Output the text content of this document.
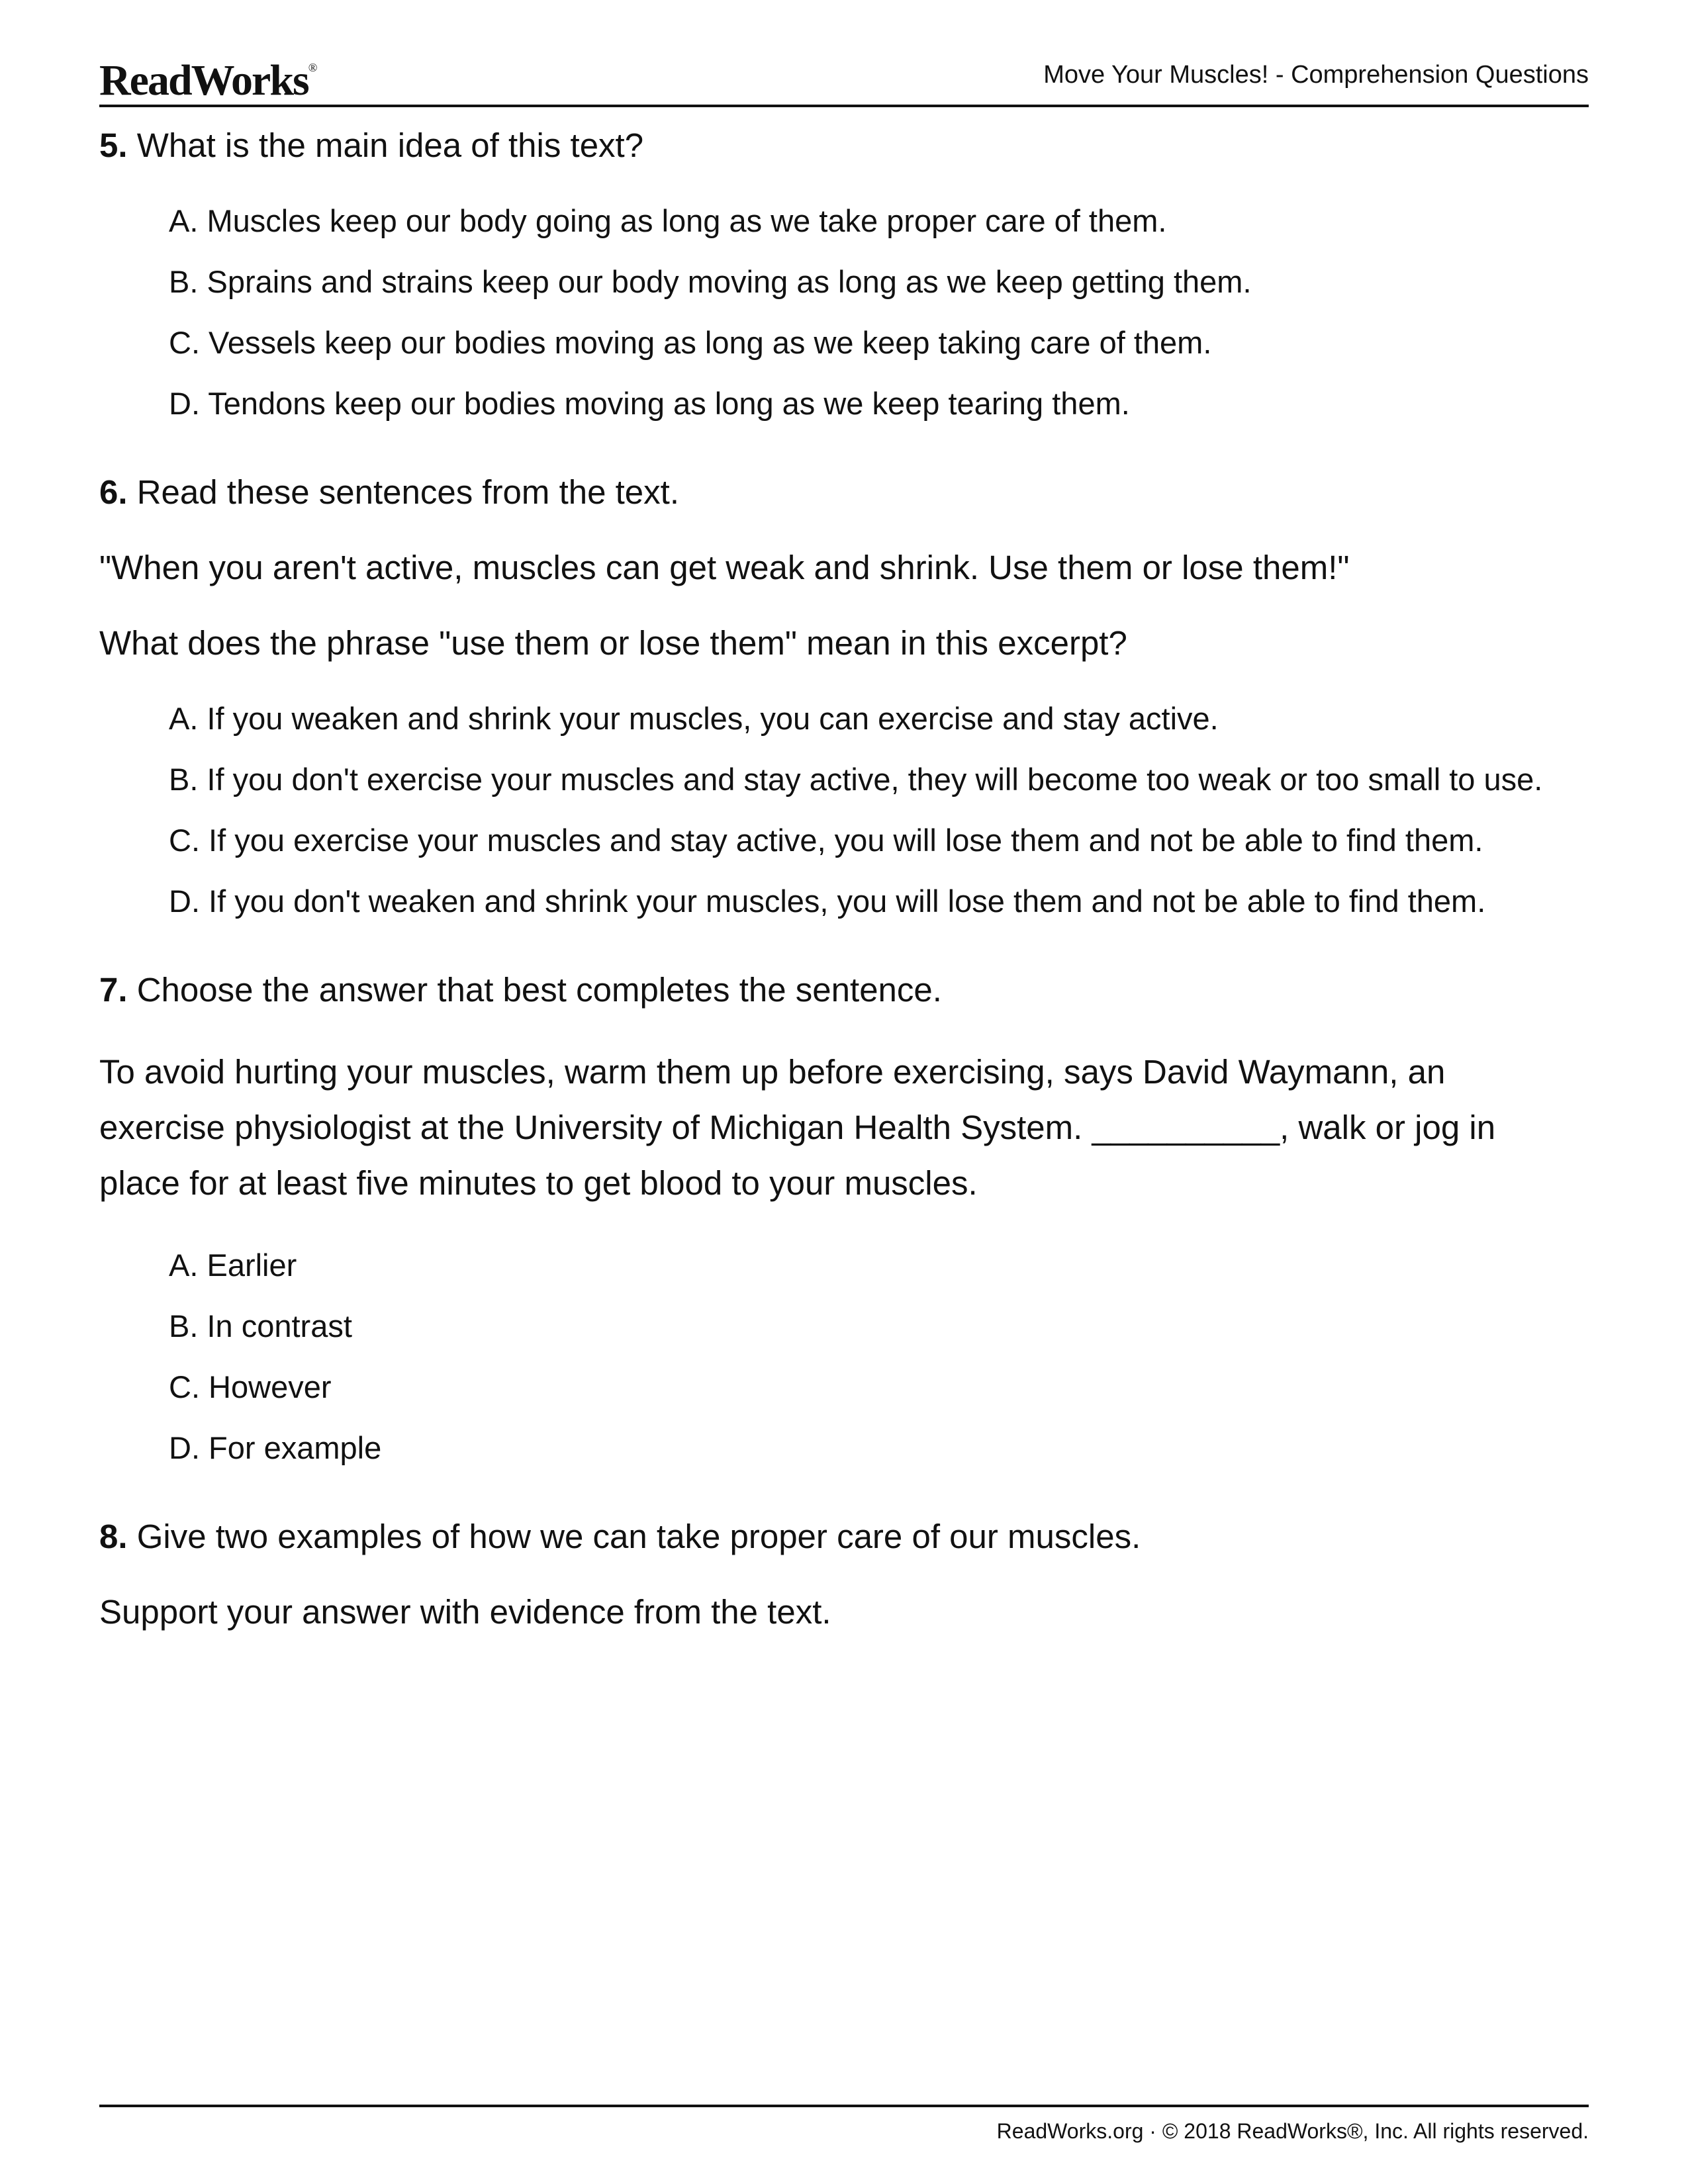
ReadWorks®	Move Your Muscles! - Comprehension Questions
5. What is the main idea of this text?
A. Muscles keep our body going as long as we take proper care of them.
B. Sprains and strains keep our body moving as long as we keep getting them.
C. Vessels keep our bodies moving as long as we keep taking care of them.
D. Tendons keep our bodies moving as long as we keep tearing them.
6. Read these sentences from the text.
"When you aren't active, muscles can get weak and shrink. Use them or lose them!"
What does the phrase "use them or lose them" mean in this excerpt?
A. If you weaken and shrink your muscles, you can exercise and stay active.
B. If you don't exercise your muscles and stay active, they will become too weak or too small to use.
C. If you exercise your muscles and stay active, you will lose them and not be able to find them.
D. If you don't weaken and shrink your muscles, you will lose them and not be able to find them.
7. Choose the answer that best completes the sentence.
To avoid hurting your muscles, warm them up before exercising, says David Waymann, an exercise physiologist at the University of Michigan Health System. __________, walk or jog in place for at least five minutes to get blood to your muscles.
A. Earlier
B. In contrast
C. However
D. For example
8. Give two examples of how we can take proper care of our muscles.
Support your answer with evidence from the text.
ReadWorks.org · © 2018 ReadWorks®, Inc. All rights reserved.
